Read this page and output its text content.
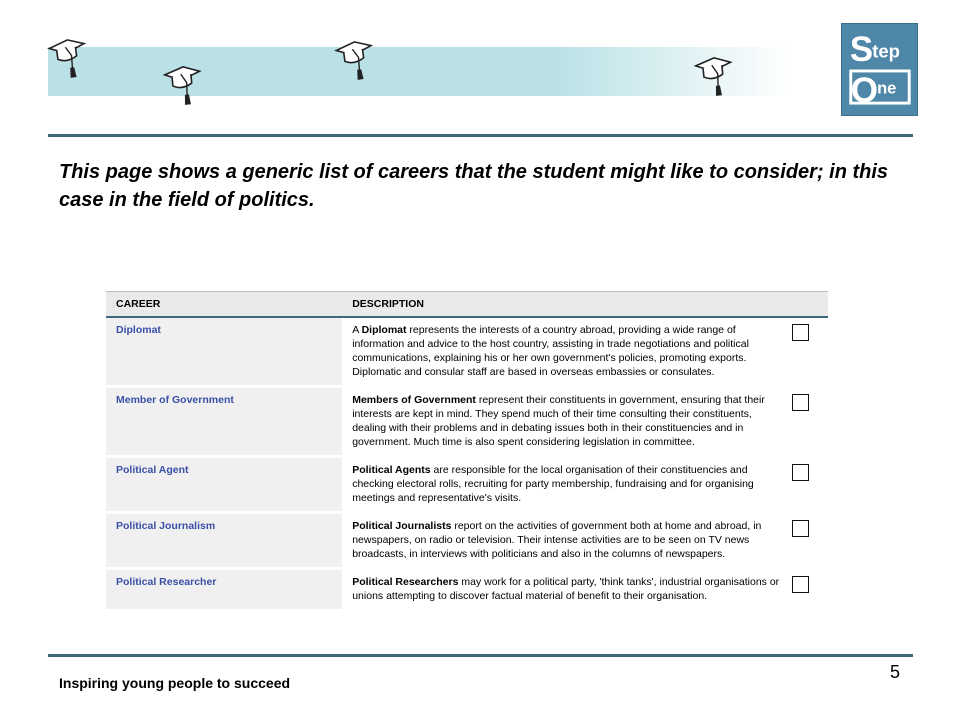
S tep
O ne

This page shows a generic list of careers that the student might like to consider; in this case in the field of politics.

CAREER	DESCRIPTION	
Diplomat	A Diplomat represents the interests of a country abroad, providing a wide range of information and advice to the host country, assisting in trade negotiations and political communications, explaining his or her own government's policies, promoting exports. Diplomatic and consular staff are based in overseas embassies or consulates.	

Member of Government	Members of Government represent their constituents in government, ensuring that their interests are kept in mind. They spend much of their time consulting their constituents, dealing with their problems and in debating issues both in their constituencies and in government. Much time is also spent considering legislation in committee.	

Political Agent	Political Agents are responsible for the local organisation of their constituencies and checking electoral rolls, recruiting for party membership, fundraising and for organising meetings and representative's visits.	

Political Journalism	Political Journalists report on the activities of government both at home and abroad, in newspapers, on radio or television. Their intense activities are to be seen on TV news broadcasts, in interviews with politicians and also in the columns of newspapers.	

Political Researcher	Political Researchers may work for a political party, 'think tanks', industrial organisations or unions attempting to discover factual material of benefit to their organisation.	
Inspiring young people to succeed
5
